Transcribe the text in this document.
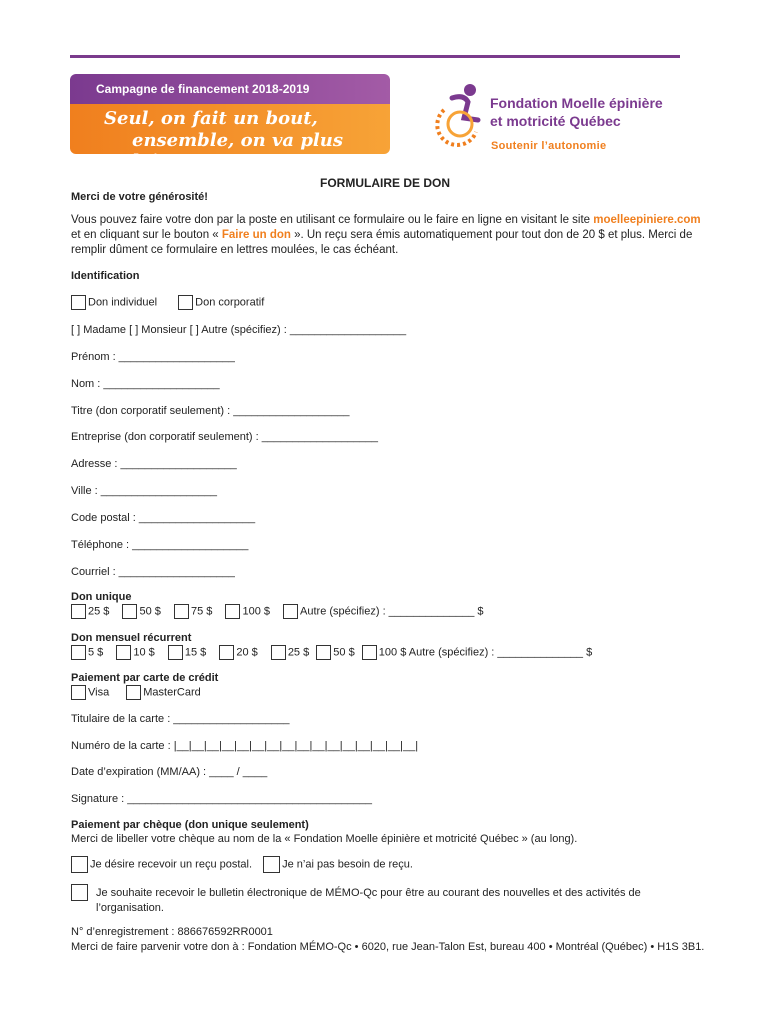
Campagne de financement 2018-2019
Seul, on fait un bout,
ensemble, on va plus loin!
Fondation Moelle épinière
et motricité Québec
Soutenir l’autonomie
FORMULAIRE DE DON
Merci de votre générosité!
Vous pouvez faire votre don par la poste en utilisant ce formulaire ou le faire en ligne en visitant le site moelleepiniere.com et en cliquant sur le bouton « Faire un don ». Un reçu sera émis automatiquement pour tout don de 20 $ et plus. Merci de remplir dûment ce formulaire en lettres moulées, le cas échéant.
Identification
Don individuel	Don corporatif
[ ] Madame [ ] Monsieur [ ] Autre (spécifiez) : ___________________
Prénom : ___________________
Nom : ___________________
Titre (don corporatif seulement) : ___________________
Entreprise (don corporatif seulement) : ___________________
Adresse : ___________________
Ville : ___________________
Code postal : ___________________
Téléphone : ___________________
Courriel : ___________________
Don unique
25 $	50 $	75 $	100 $	Autre (spécifiez) : ______________ $
Don mensuel récurrent
5 $	10 $	15 $	20 $	25 $ 50 $ 100 $ Autre (spécifiez) : ______________ $
Paiement par carte de crédit
Visa	MasterCard
Titulaire de la carte : ___________________
Numéro de la carte : |__|__|__|__|__|__|__|__|__|__|__|__|__|__|__|__|
Date d’expiration (MM/AA) : ____ / ____
Signature : ________________________________________
Paiement par chèque (don unique seulement)
Merci de libeller votre chèque au nom de la « Fondation Moelle épinière et motricité Québec » (au long).
Je désire recevoir un reçu postal.	Je n’ai pas besoin de reçu.
Je souhaite recevoir le bulletin électronique de MÉMO-Qc pour être au courant des nouvelles et des activités de l’organisation.
N° d’enregistrement : 886676592RR0001
Merci de faire parvenir votre don à : Fondation MÉMO-Qc • 6020, rue Jean-Talon Est, bureau 400 • Montréal (Québec) • H1S 3B1.
